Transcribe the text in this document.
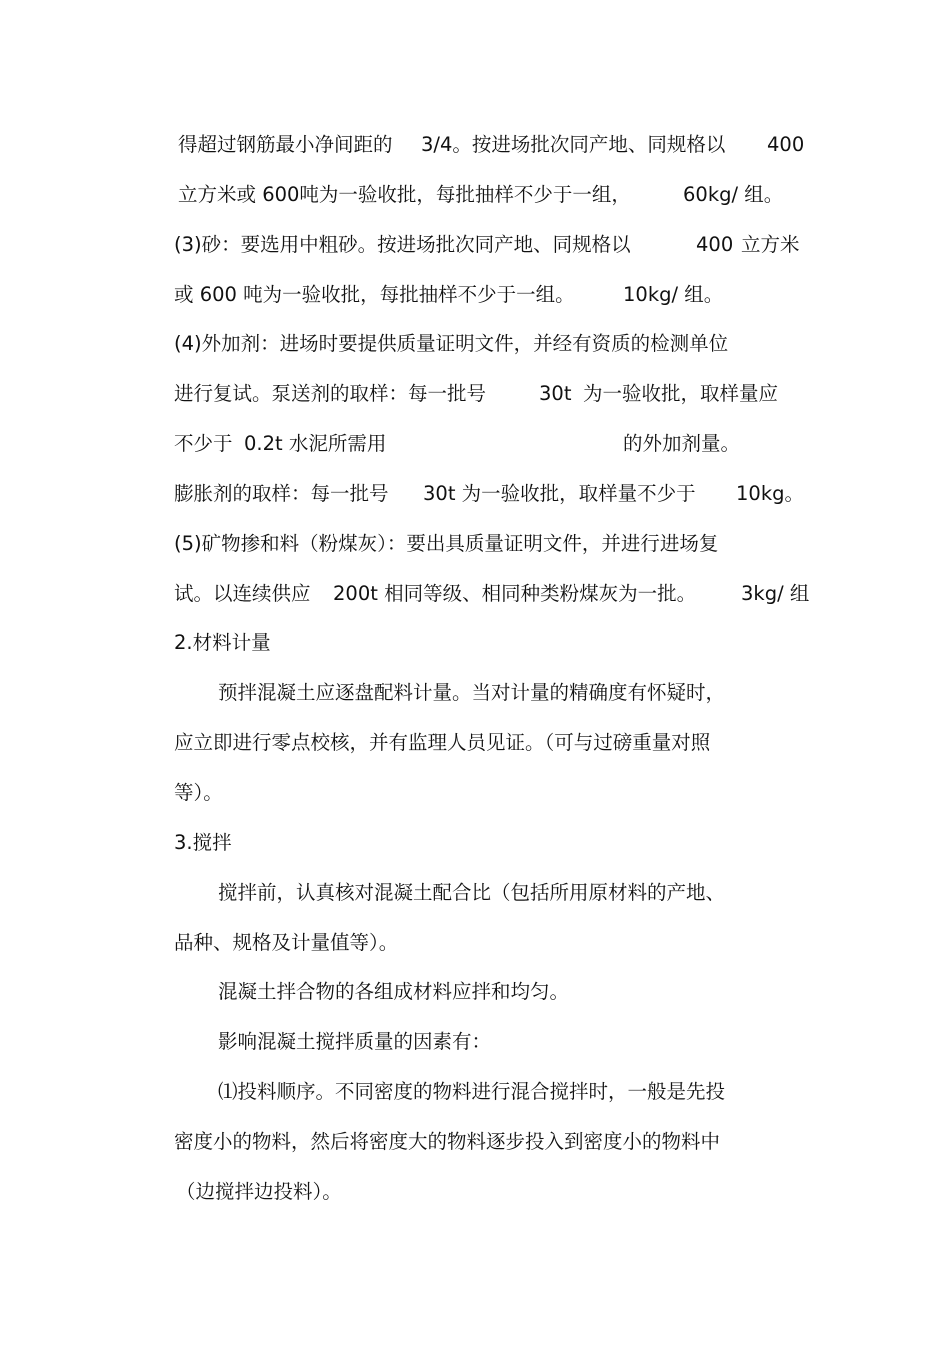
得超过钢筋最小净间距的

3/4。按进场批次同产地、同规格以

400

立方米或 600吨为一验收批，每批抽样不少于一组，

	60kg/ 组。

(3)砂：要选用中粗砂。按进场批次同产地、同规格以

	400

立方米

或 600 吨为一验收批，每批抽样不少于一组。

10kg/ 组。

(4)外加剂：进场时要提供质量证明文件，并经有资质的检测单位

进行复试。泵送剂的取样：每一批号

	30t

为一验收批，取样量应

不少于

0.2t 水泥所需用

	的外加剂量。

膨胀剂的取样：每一批号

30t 为一验收批，取样量不少于

10kg。

(5)矿物掺和料（粉煤灰）：要出具质量证明文件，并进行进场复

试。以连续供应

200t 相同等级、相同种类粉煤灰为一批。

3kg/ 组

2.材料计量

预拌混凝土应逐盘配料计量。当对计量的精确度有怀疑时，

应立即进行零点校核，并有监理人员见证。（可与过磅重量对照

等）。

3.搅拌

搅拌前，认真核对混凝土配合比（包括所用原材料的产地、

品种、规格及计量值等）。

混凝土拌合物的各组成材料应拌和均匀。

影响混凝土搅拌质量的因素有：

⑴投料顺序。不同密度的物料进行混合搅拌时，一般是先投

密度小的物料，然后将密度大的物料逐步投入到密度小的物料中

（边搅拌边投料）。
